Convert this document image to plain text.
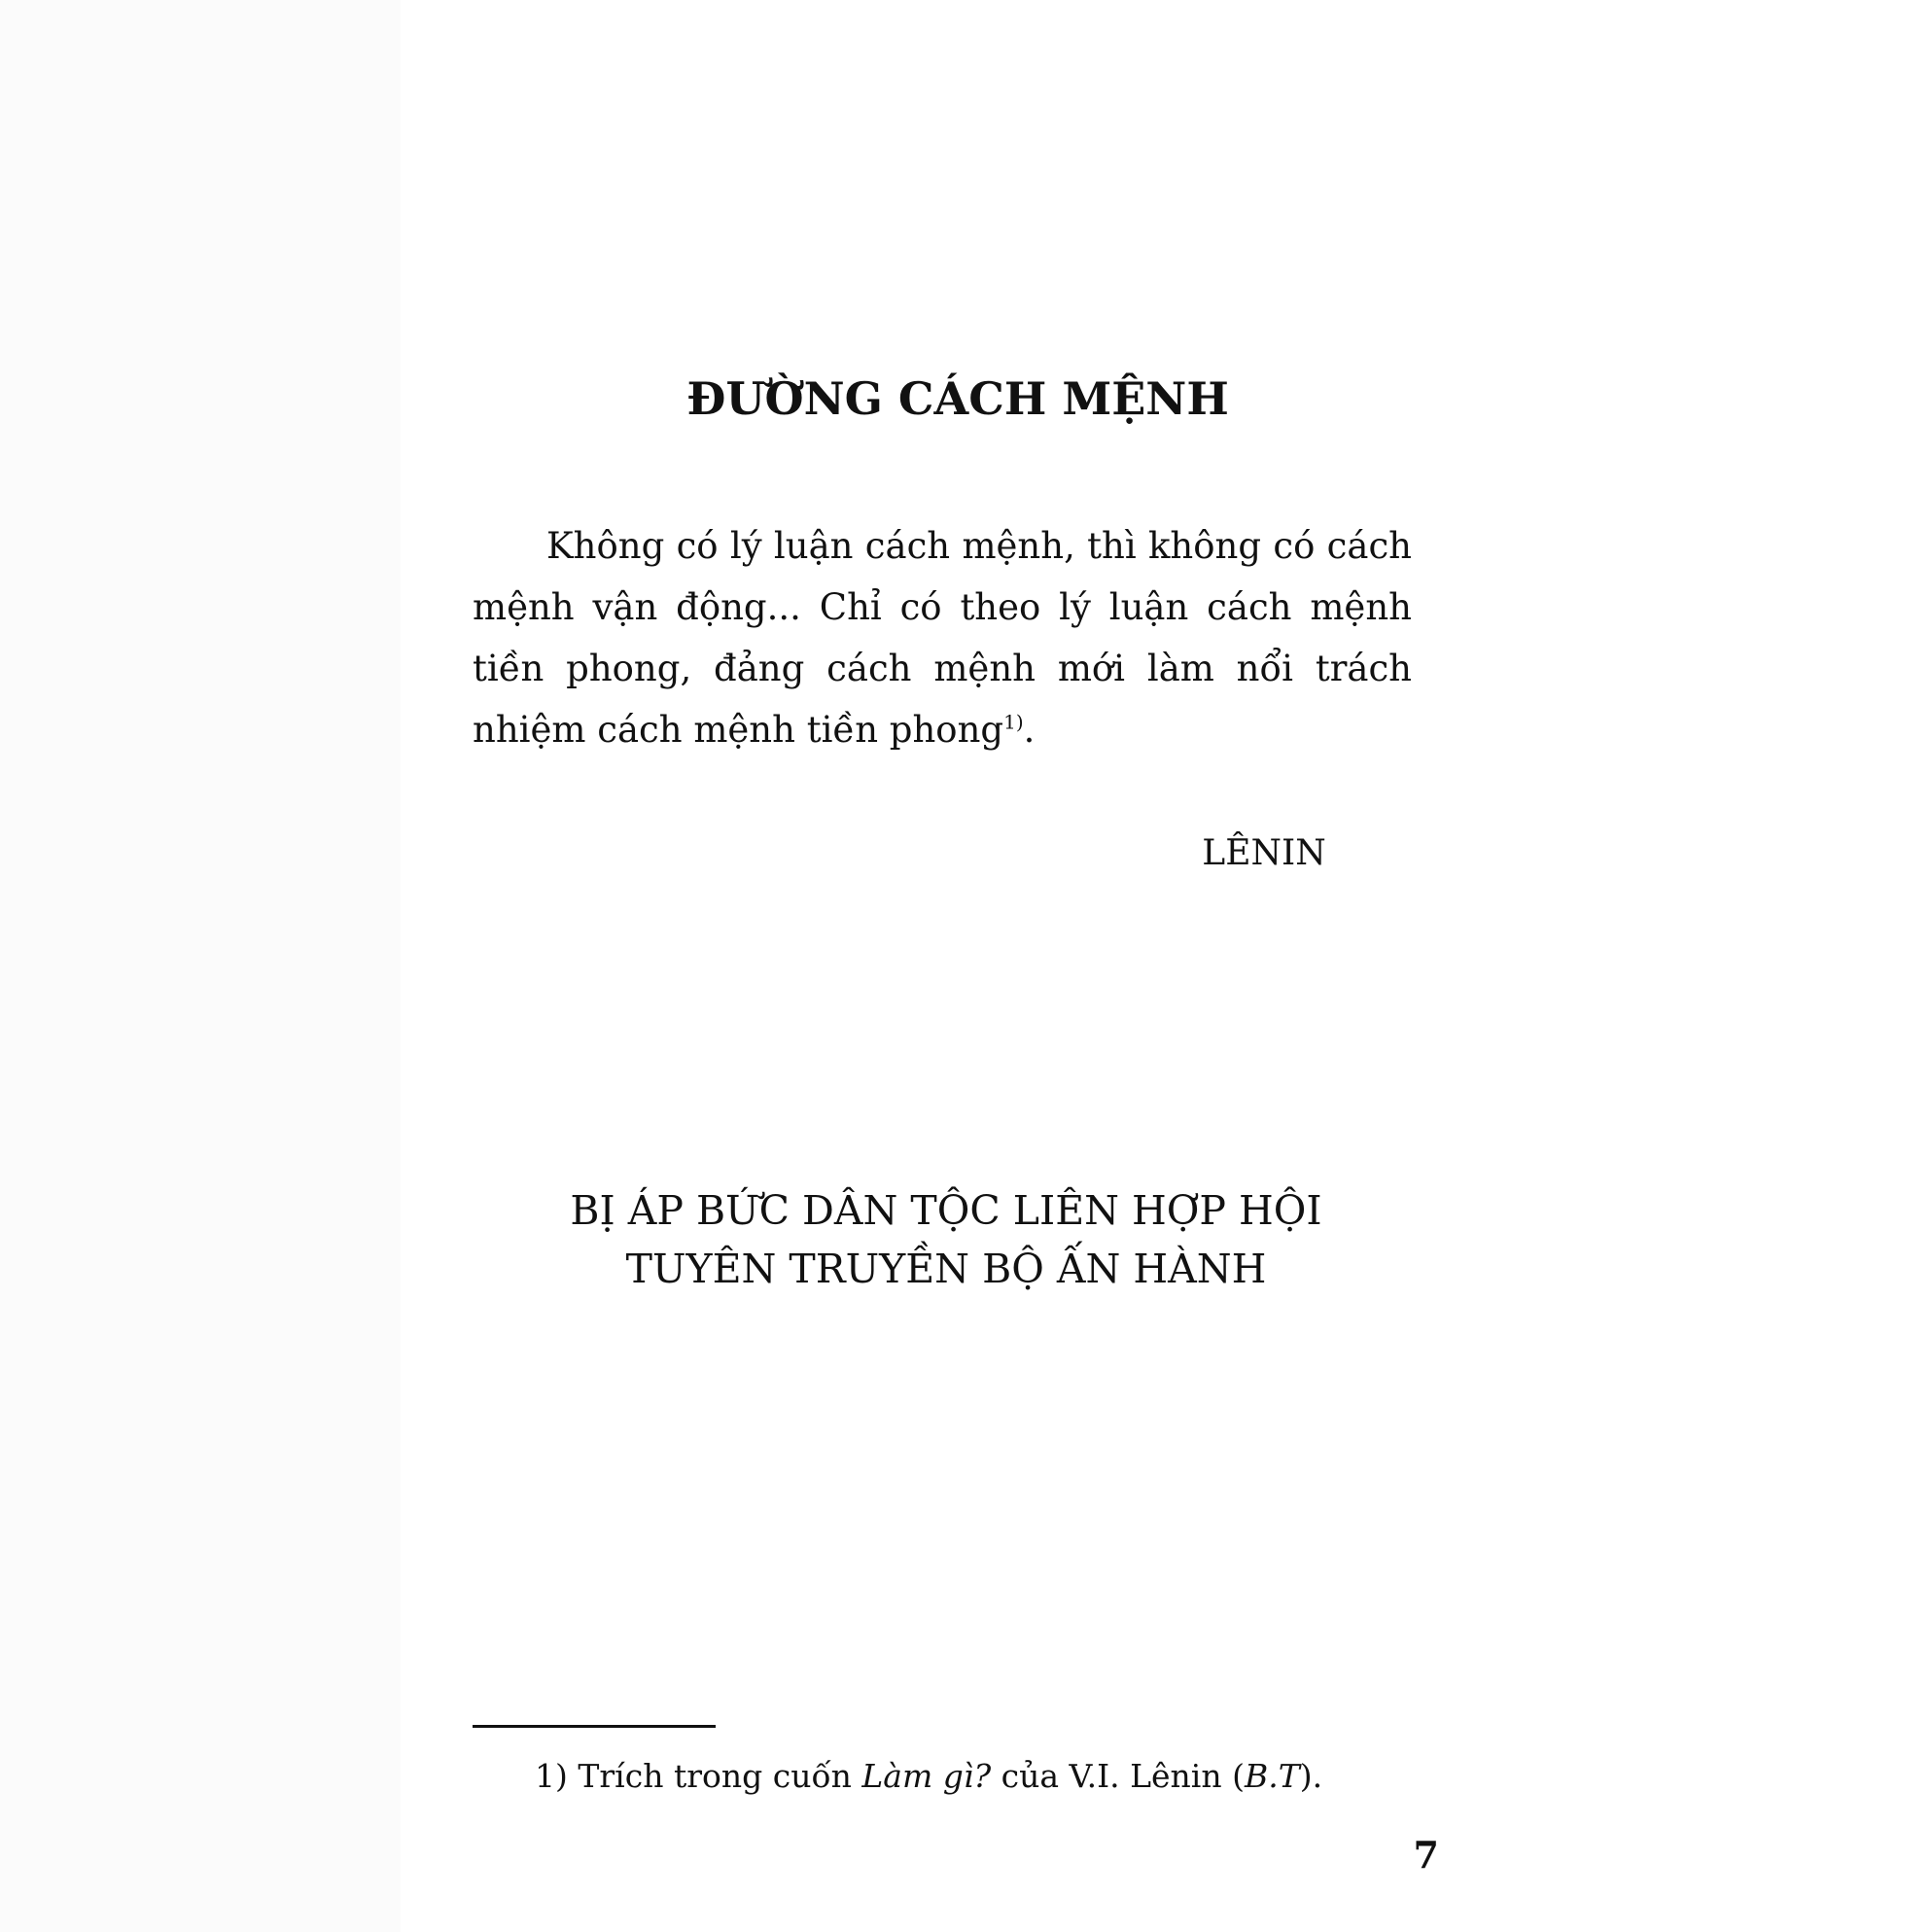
ĐƯỜNG CÁCH MỆNH

Không có lý luận cách mệnh, thì không có cách mệnh vận động... Chỉ có theo lý luận cách mệnh tiền phong, đảng cách mệnh mới làm nổi trách nhiệm cách mệnh tiền phong$^{1)}$.

LÊNIN

BỊ ÁP BỨC DÂN TỘC LIÊN HỢP HỘI
TUYÊN TRUYỀN BỘ ẤN HÀNH

1) Trích trong cuốn Làm gì? của V.I. Lênin (B.T).

7
